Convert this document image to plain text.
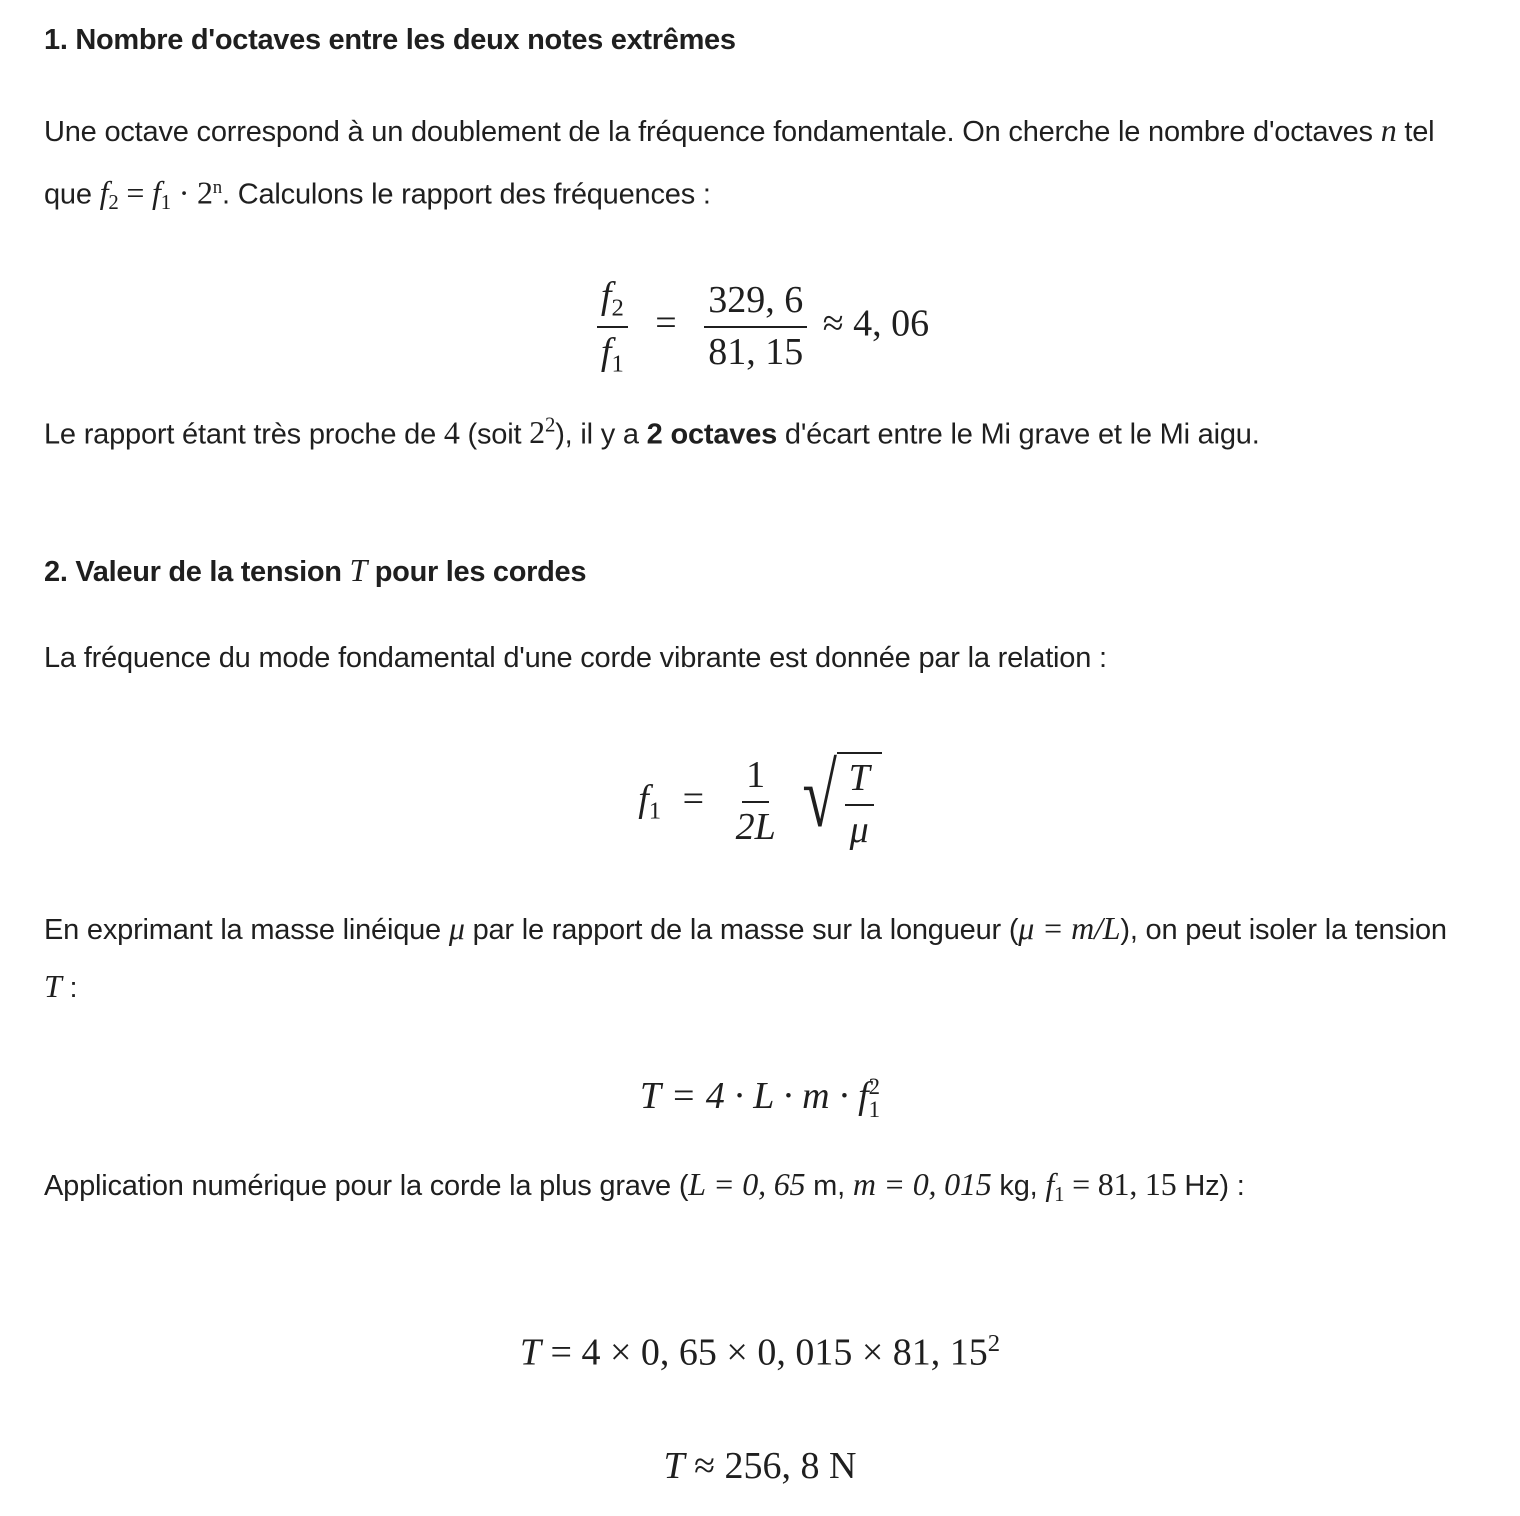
1. Nombre d'octaves entre les deux notes extrêmes

Une octave correspond à un doublement de la fréquence fondamentale. On cherche le nombre d'octaves n tel que $f_2 = f_1 \cdot 2^n$. Calculons le rapport des fréquences :

$\frac{f_2}{f_1} = \frac{329, 6}{81, 15} \approx 4$, 06

Le rapport étant très proche de 4 (soit $2^2$), il y a 2 octaves d'écart entre le Mi grave et le Mi aigu.

2. Valeur de la tension T pour les cordes

La fréquence du mode fondamental d'une corde vibrante est donnée par la relation :

$f_1 = \frac{1}{2L}$
√ $\frac{T}{\mu}$

En exprimant la masse linéique μ par le rapport de la masse sur la longueur (μ = m/L), on peut isoler la tension T :

T = 4 · L · m · f 2
1

Application numérique pour la corde la plus grave (L = 0, 65 m, m = 0, 015 kg, $f_1 = 81$, 15 Hz) :

T = 4 × 0, 65 × 0, 015 × 81, $15^2$
T ≈ 256, 8 N
